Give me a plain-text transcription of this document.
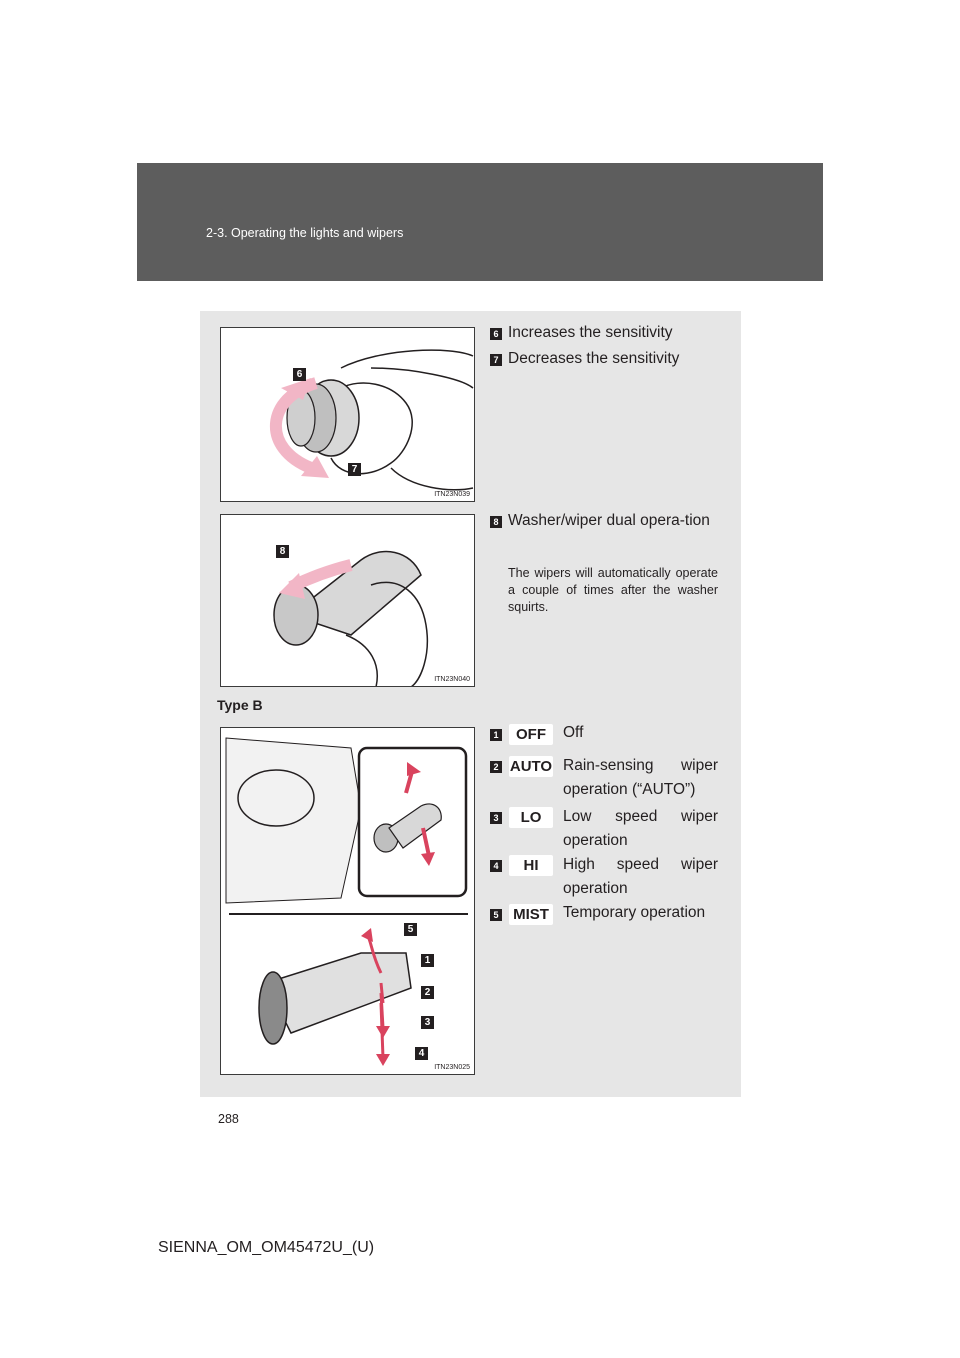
2-3. Operating the lights and wipers
6
7
ITN23N039
6 Increases the sensitivity
7 Decreases the sensitivity
8
ITN23N040
8 Washer/wiper dual opera-tion
The wipers will automatically operate a couple of times after the washer squirts.
Type B
5
1
2
3
4
ITN23N025
1	OFF	Off
2 AUTO Rain-sensing wiper operation (“AUTO”)
3	LO	Low speed wiper operation
4	HI	High speed wiper operation
5 MIST Temporary operation
288
SIENNA_OM_OM45472U_(U)
